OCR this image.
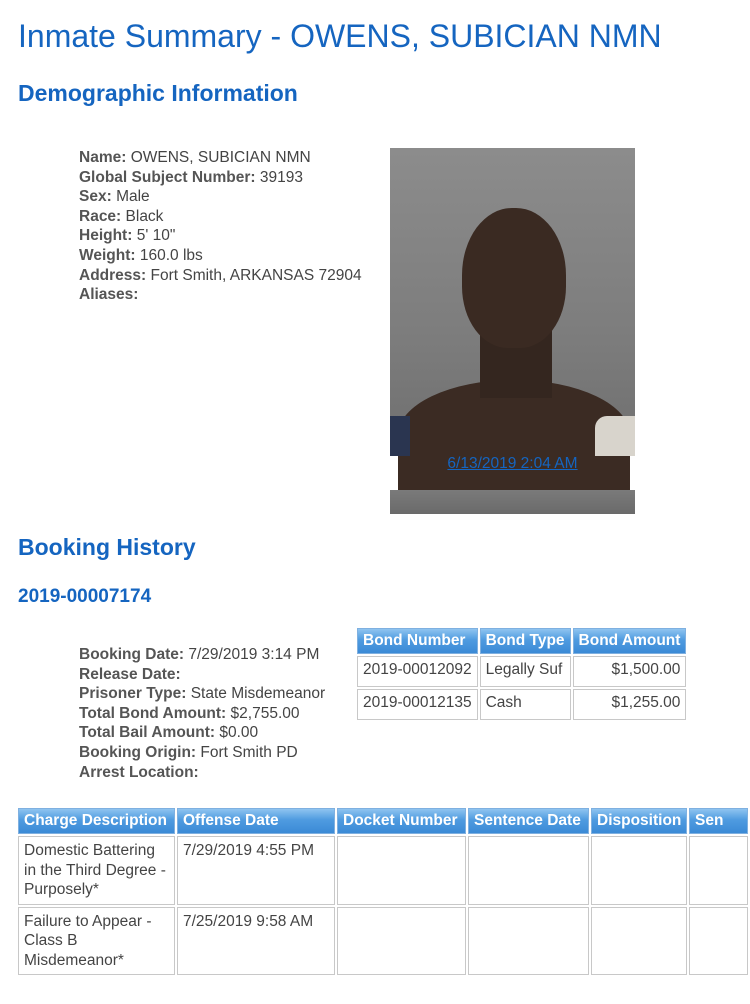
Inmate Summary - OWENS, SUBICIAN NMN
Demographic Information
Name: OWENS, SUBICIAN NMN
Global Subject Number: 39193
Sex: Male
Race: Black
Height: 5' 10"
Weight: 160.0 lbs
Address: Fort Smith, ARKANSAS 72904
Aliases:
6/13/2019 2:04 AM
Booking History
2019-00007174
Booking Date: 7/29/2019 3:14 PM
Release Date:
Prisoner Type: State Misdemeanor
Total Bond Amount: $2,755.00
Total Bail Amount: $0.00
Booking Origin: Fort Smith PD
Arrest Location:
Bond Number	Bond Type	Bond Amount
2019-00012092	Legally Suf	$1,500.00
2019-00012135	Cash	$1,255.00
Charge Description	Offense Date	Docket Number	Sentence Date	Disposition	Sen
Domestic Battering in the Third Degree - Purposely*	7/29/2019 4:55 PM				
Failure to Appear - Class B Misdemeanor*	7/25/2019 9:58 AM				
